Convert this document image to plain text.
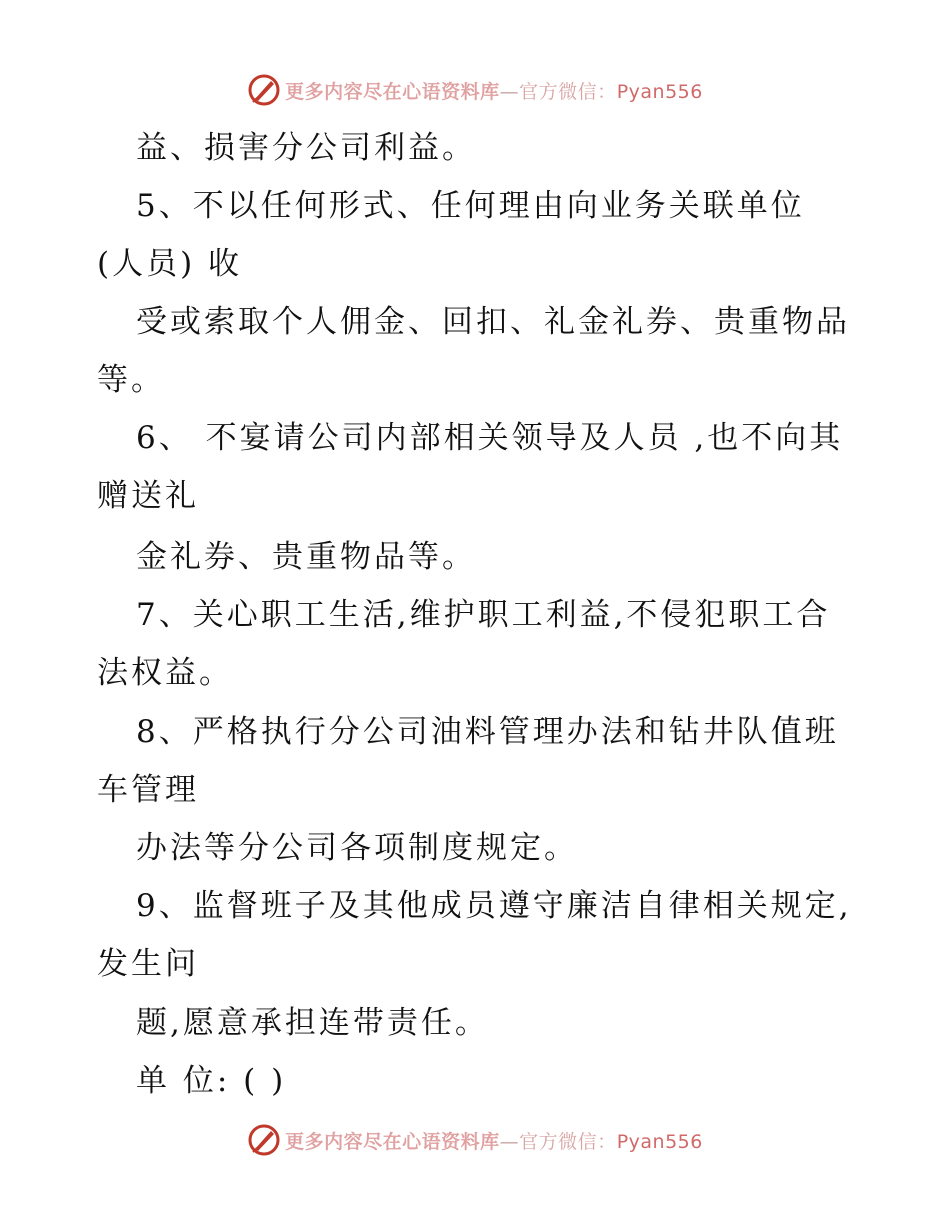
更多内容尽在心语资料库—官方微信：Pyan556
益、损害分公司利益。
5、不以任何形式、任何理由向业务关联单位
(人员) 收
受或索取个人佣金、回扣、礼金礼券、贵重物品
等。
6、 不宴请公司内部相关领导及人员 ,也不向其
赠送礼
金礼券、贵重物品等。
7、关心职工生活,维护职工利益,不侵犯职工合
法权益。
8、严格执行分公司油料管理办法和钻井队值班
车管理
办法等分公司各项制度规定。
9、监督班子及其他成员遵守廉洁自律相关规定,
发生问
题,愿意承担连带责任。
单 位: ( )
更多内容尽在心语资料库—官方微信：Pyan556
